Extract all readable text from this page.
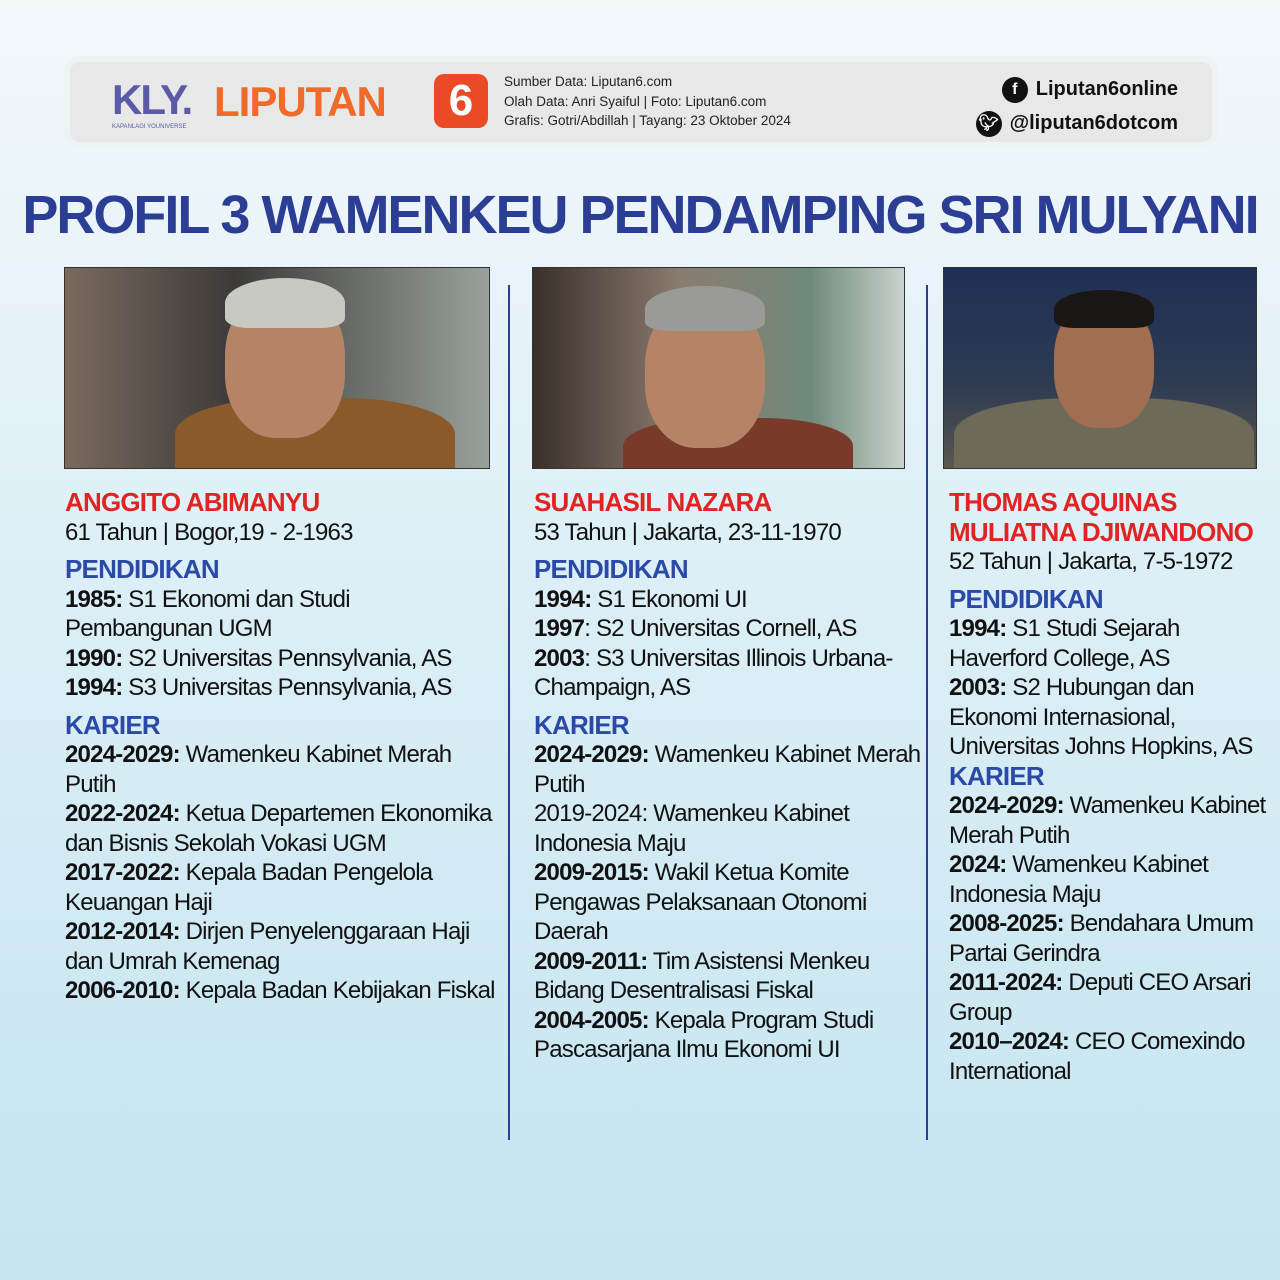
KLY.
KAPANLAGI YOUNIVERSE
LIPUTAN	6	Sumber Data: Liputan6.com
Olah Data: Anri Syaiful | Foto: Liputan6.com
Grafis: Gotri/Abdillah | Tayang: 23 Oktober 2024
f Liputan6online
🐦︎ @liputan6dotcom
PROFIL 3 WAMENKEU PENDAMPING SRI MULYANI
ANGGITO ABIMANYU
61 Tahun | Bogor,19 - 2-1963
PENDIDIKAN
1985: S1 Ekonomi dan Studi Pembangunan UGM
1990: S2 Universitas Pennsylvania, AS
1994: S3 Universitas Pennsylvania, AS
KARIER
2024-2029: Wamenkeu Kabinet Merah Putih
2022-2024: Ketua Departemen Ekonomika dan Bisnis Sekolah Vokasi UGM
2017-2022: Kepala Badan Pengelola Keuangan Haji
2012-2014: Dirjen Penyelenggaraan Haji dan Umrah Kemenag
2006-2010: Kepala Badan Kebijakan Fiskal
SUAHASIL NAZARA
53 Tahun | Jakarta, 23-11-1970
PENDIDIKAN
1994: S1 Ekonomi UI
1997: S2 Universitas Cornell, AS
2003: S3 Universitas Illinois Urbana-Champaign, AS
KARIER
2024-2029: Wamenkeu Kabinet Merah Putih
2019-2024: Wamenkeu Kabinet Indonesia Maju
2009-2015: Wakil Ketua Komite Pengawas Pelaksanaan Otonomi Daerah
2009-2011: Tim Asistensi Menkeu Bidang Desentralisasi Fiskal
2004-2005: Kepala Program Studi Pascasarjana Ilmu Ekonomi UI
THOMAS AQUINAS
MULIATNA DJIWANDONO
52 Tahun | Jakarta, 7-5-1972
PENDIDIKAN
1994: S1 Studi Sejarah Haverford College, AS
2003: S2 Hubungan dan Ekonomi Internasional, Universitas Johns Hopkins, AS
KARIER
2024-2029: Wamenkeu Kabinet Merah Putih
2024: Wamenkeu Kabinet Indonesia Maju
2008-2025: Bendahara Umum Partai Gerindra
2011-2024: Deputi CEO Arsari Group
2010–2024: CEO Comexindo International
